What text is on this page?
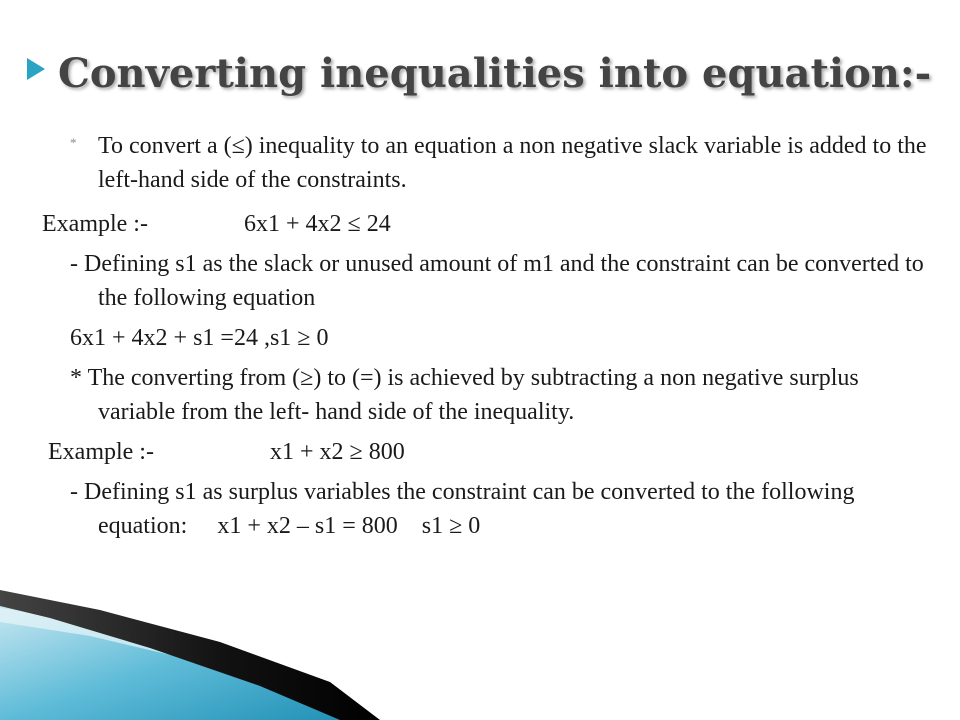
Converting inequalities into equation:-

* To convert a (≤) inequality to an equation a non negative slack variable is added to the left-hand side of the constraints.

Example :-	6x1 + 4x2 ≤ 24

- Defining s1 as the slack or unused amount of m1 and the constraint can be converted to the following equation

6x1 + 4x2 + s1 =24 ,s1 ≥ 0

* The converting from (≥) to (=) is achieved by subtracting a non negative surplus variable from the left- hand side of the inequality.

Example :-	x1 + x2 ≥ 800

- Defining s1 as surplus variables the constraint can be converted to the following equation: x1 + x2 – s1 = 800 s1 ≥ 0
